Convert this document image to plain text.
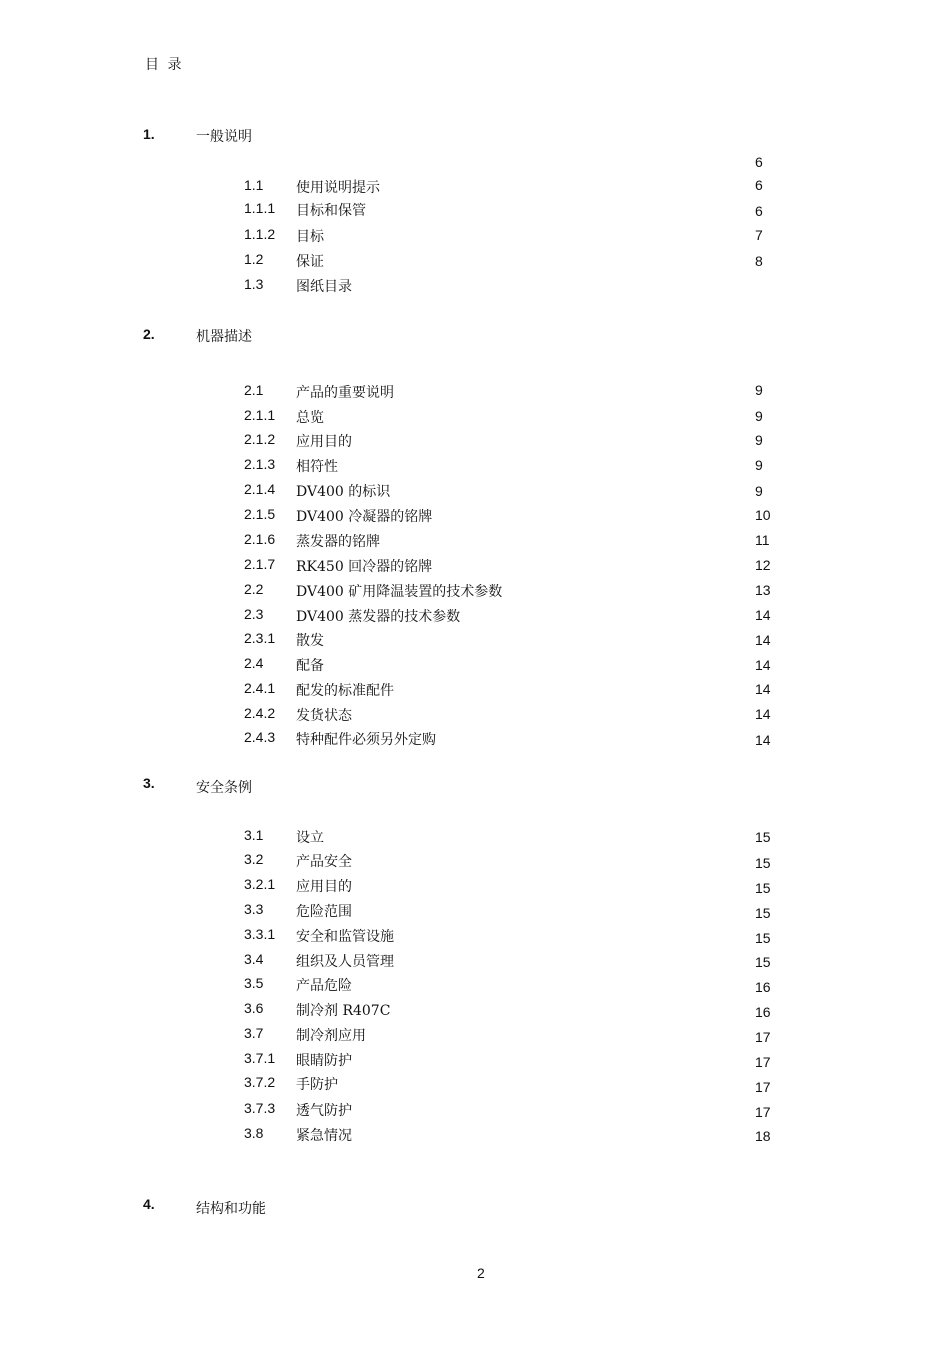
目 录
1.	一般说明
6
1.1 使用说明提示	6
1.1.1 目标和保管	6
1.1.2 目标	7
1.2 保证	8
1.3 图纸目录
2.	机器描述
2.1 产品的重要说明	9
2.1.1 总览	9
2.1.2 应用目的	9
2.1.3 相符性	9
2.1.4 DV400 的标识	9
2.1.5 DV400 冷凝器的铭牌	10
2.1.6 蒸发器的铭牌	11
2.1.7 RK450 回冷器的铭牌	12
2.2 DV400 矿用降温装置的技术参数	13
2.3 DV400 蒸发器的技术参数	14
2.3.1 散发	14
2.4 配备	14
2.4.1 配发的标准配件	14
2.4.2 发货状态	14
2.4.3 特种配件必须另外定购	14
3.	安全条例
3.1 设立	15
3.2 产品安全	15
3.2.1 应用目的	15
3.3 危险范围	15
3.3.1 安全和监管设施	15
3.4 组织及人员管理	15
3.5 产品危险	16
3.6 制冷剂 R407C	16
3.7 制冷剂应用	17
3.7.1 眼睛防护	17
3.7.2 手防护	17
3.7.3 透气防护	17
3.8 紧急情况	18
4.	结构和功能
2
